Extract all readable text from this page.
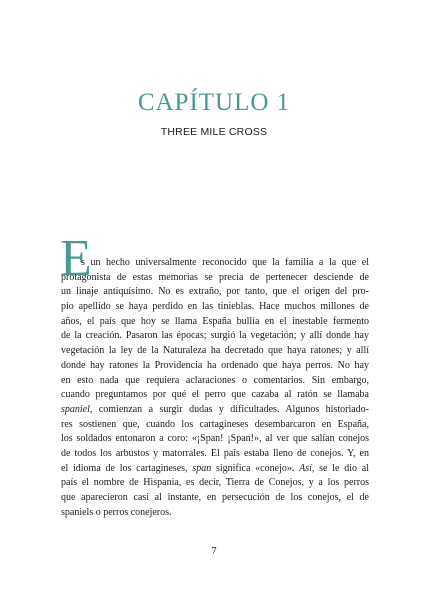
CAPÍTULO 1
THREE MILE CROSS
E
s un hecho universalmente reconocido que la familia a la que el
protagonista de estas memorias se precia de pertenecer desciende de
un linaje antiquísimo. No es extraño, por tanto, que el origen del pro-
pio apellido se haya perdido en las tinieblas. Hace muchos millones de
años, el país que hoy se llama España bullía en el inestable fermento
de la creación. Pasaron las épocas; surgió la vegetación; y allí donde hay
vegetación la ley de la Naturaleza ha decretado que haya ratones; y allí
donde hay ratones la Providencia ha ordenado que haya perros. No hay
en esto nada que requiera aclaraciones o comentarios. Sin embargo,
cuando preguntamos por qué el perro que cazaba al ratón se llamaba
spaniel, comienzan a surgir dudas y dificultades. Algunos historiado-
res sostienen que, cuando los cartagineses desembarcaron en España,
los soldados entonaron a coro: «¡Span! ¡Span!», al ver que salían conejos
de todos los arbustos y matorrales. El país estaba lleno de conejos. Y, en
el idioma de los cartagineses, span significa «conejo». Así, se le dio al
país el nombre de Hispania, es decir, Tierra de Conejos, y a los perros
que aparecieron casi al instante, en persecución de los conejos, el de
spaniels o perros conejeros.
7
